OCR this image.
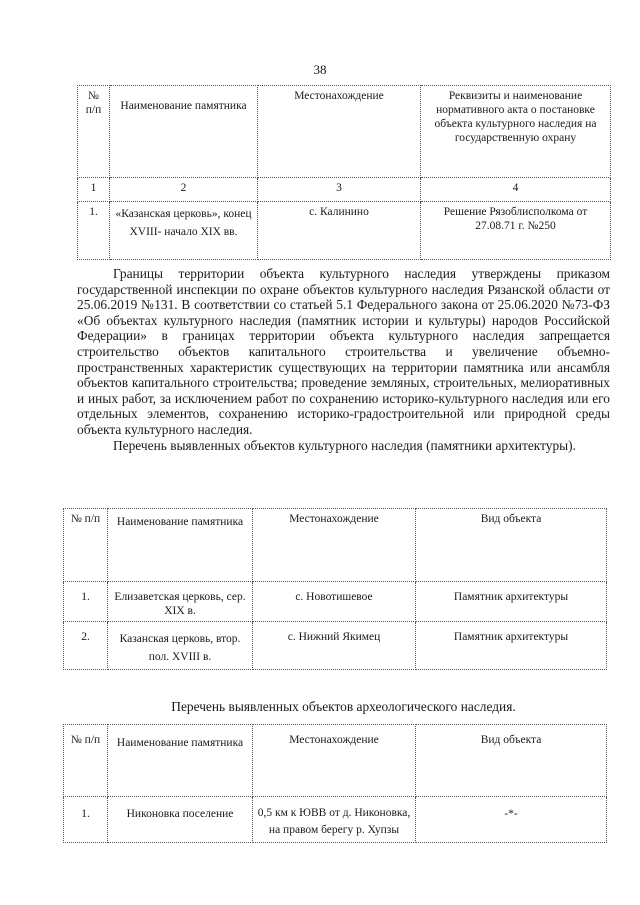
38
№ п/п	Наименование памятника	Местонахождение	Реквизиты и наименование нормативного акта о постановке объекта культурного наследия на государственную охрану
1	2	3	4
1.	«Казанская церковь», конец XVIII- начало XIX вв.	с. Калинино	Решение Рязоблисполкома от 27.08.71 г. №250

Границы территории объекта культурного наследия утверждены приказом государственной инспекции по охране объектов культурного наследия Рязанской области от 25.06.2019 №131. В соответствии со статьей 5.1 Федерального закона от 25.06.2020 №73-ФЗ «Об объектах культурного наследия (памятник истории и культуры) народов Российской Федерации» в границах территории объекта культурного наследия запрещается строительство объектов капитального строительства и увеличение объемно-пространственных характеристик существующих на территории памятника или ансамбля объектов капитального строительства; проведение земляных, строительных, мелиоративных и иных работ, за исключением работ по сохранению историко-культурного наследия или его отдельных элементов, сохранению историко-градостроительной или природной среды объекта культурного наследия.

Перечень выявленных объектов культурного наследия (памятники архитектуры).

№ п/п	Наименование памятника	Местонахождение	Вид объекта
1.	Елизаветская церковь, сер. XIX в.	с. Новотишевое	Памятник архитектуры
2.	Казанская церковь, втор. пол. XVIII в.	с. Нижний Якимец	Памятник архитектуры
Перечень выявленных объектов археологического наследия.
№ п/п	Наименование памятника	Местонахождение	Вид объекта
1.	Никоновка поселение	0,5 км к ЮВВ от д. Никоновка, на правом берегу р. Хупзы	-*-
